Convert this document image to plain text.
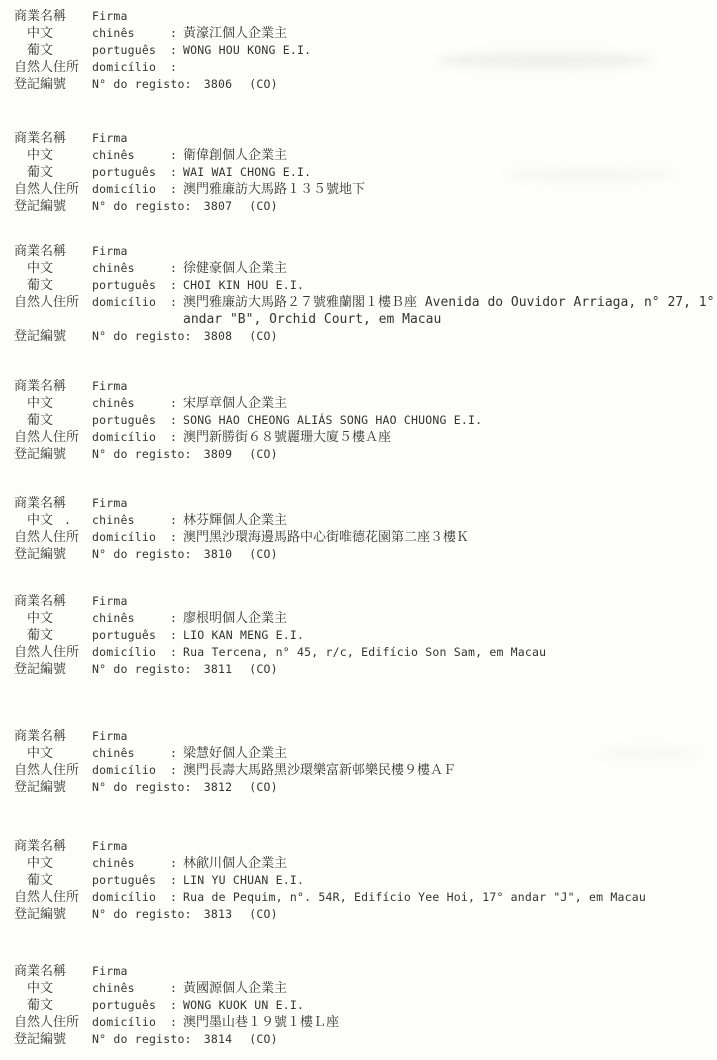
商業名稱	Firma
中文	chinês	: 黃濠江個人企業主
葡文	português	: WONG HOU KONG E.I.
自然人住所	domicílio	:
登記編號	N° do registo: 3806 (CO)
商業名稱	Firma
中文	chinês	: 衛偉創個人企業主
葡文	português	: WAI WAI CHONG E.I.
自然人住所	domicílio	: 澳門雅廉訪大馬路１３５號地下
登記編號	N° do registo: 3807 (CO)
商業名稱	Firma
中文	chinês	: 徐健豪個人企業主
葡文	português	: CHOI KIN HOU E.I.
自然人住所	domicílio	: 澳門雅廉訪大馬路２７號雅蘭閣１樓Ｂ座 Avenida do Ouvidor Arriaga, n° 27, 1° andar "B", Orchid Court, em Macau
登記編號	N° do registo: 3808 (CO)
商業名稱	Firma
中文	chinês	: 宋厚章個人企業主
葡文	português	: SONG HAO CHEONG ALIÁS SONG HAO CHUONG E.I.
自然人住所	domicílio	: 澳門新勝街６８號麗珊大廈５樓Ａ座
登記編號	N° do registo: 3809 (CO)
商業名稱	Firma
中文 .	chinês	: 林芬輝個人企業主
自然人住所	domicílio	: 澳門黑沙環海邊馬路中心街唯德花園第二座３樓Ｋ
登記編號	N° do registo: 3810 (CO)
商業名稱	Firma
中文	chinês	: 廖根明個人企業主
葡文	português	: LIO KAN MENG E.I.
自然人住所	domicílio	: Rua Tercena, n° 45, r/c, Edifício Son Sam, em Macau
登記編號	N° do registo: 3811 (CO)
商業名稱	Firma
中文	chinês	: 梁慧好個人企業主
自然人住所	domicílio	: 澳門長壽大馬路黑沙環樂富新邨樂民樓９樓ＡＦ
登記編號	N° do registo: 3812 (CO)
商業名稱	Firma
中文	chinês	: 林歈川個人企業主
葡文	português	: LIN YU CHUAN E.I.
自然人住所	domicílio	: Rua de Pequim, n°. 54R, Edifício Yee Hoi, 17° andar "J", em Macau
登記編號	N° do registo: 3813 (CO)
商業名稱	Firma
中文	chinês	: 黃國源個人企業主
葡文	português	: WONG KUOK UN E.I.
自然人住所	domicílio	: 澳門墨山巷１９號１樓Ｌ座
登記編號	N° do registo: 3814 (CO)
